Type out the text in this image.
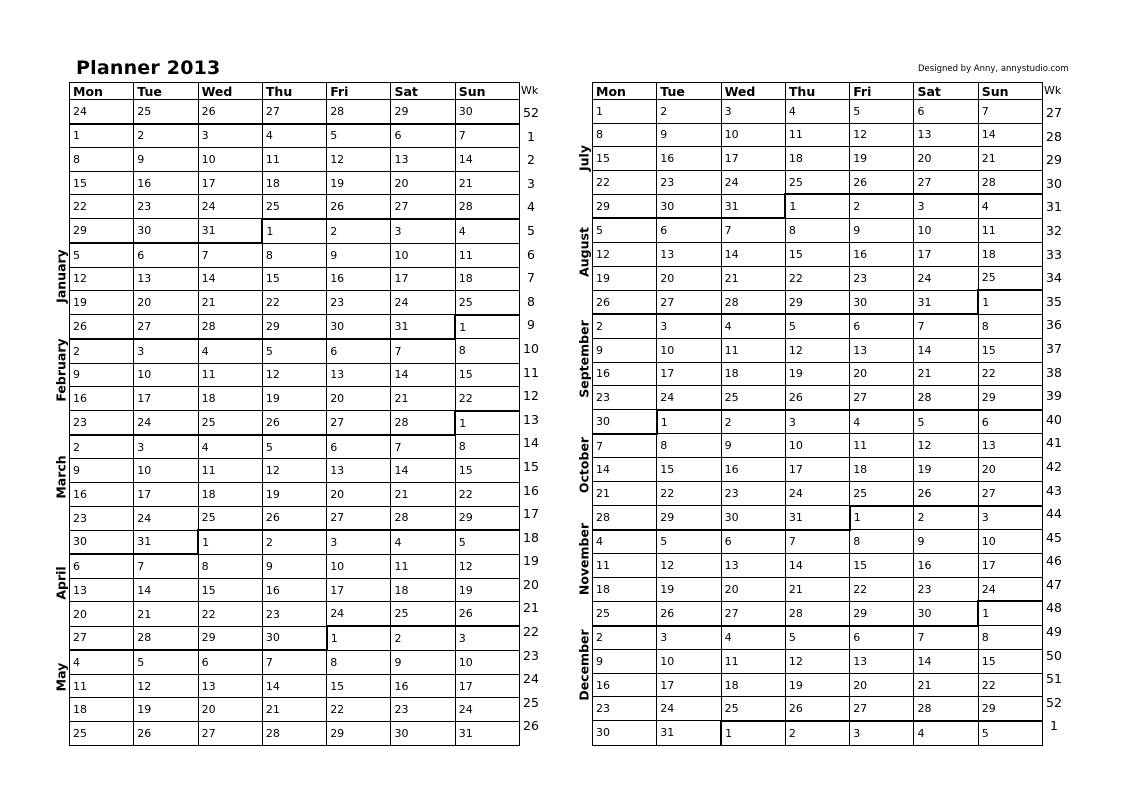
Planner 2013	Designed by Anny, annystudio.com
Mon	Tue	Wed	Thu	Fri	Sat	Sun
24	25	26	27	28	29	30
1	2	3	4	5	6	7
8	9	10	11	12	13	14
15	16	17	18	19	20	21
22	23	24	25	26	27	28
29	30	31	1	2	3	4
5	6	7	8	9	10	11
12	13	14	15	16	17	18
19	20	21	22	23	24	25
26	27	28	29	30	31	1
2	3	4	5	6	7	8
9	10	11	12	13	14	15
16	17	18	19	20	21	22
23	24	25	26	27	28	1
2	3	4	5	6	7	8
9	10	11	12	13	14	15
16	17	18	19	20	21	22
23	24	25	26	27	28	29
30	31	1	2	3	4	5
6	7	8	9	10	11	12
13	14	15	16	17	18	19
20	21	22	23	24	25	26
27	28	29	30	1	2	3
4	5	6	7	8	9	10
11	12	13	14	15	16	17
18	19	20	21	22	23	24
25	26	27	28	29	30	31
Wk
52
1
2
3
4
5
6
7
8
9
10
11
12
13
14
15
16
17
18
19
20
21
22
23
24
25
26
January
February
March
April
May
Mon	Tue	Wed	Thu	Fri	Sat	Sun
1	2	3	4	5	6	7
8	9	10	11	12	13	14
15	16	17	18	19	20	21
22	23	24	25	26	27	28
29	30	31	1	2	3	4
5	6	7	8	9	10	11
12	13	14	15	16	17	18
19	20	21	22	23	24	25
26	27	28	29	30	31	1
2	3	4	5	6	7	8
9	10	11	12	13	14	15
16	17	18	19	20	21	22
23	24	25	26	27	28	29
30	1	2	3	4	5	6
7	8	9	10	11	12	13
14	15	16	17	18	19	20
21	22	23	24	25	26	27
28	29	30	31	1	2	3
4	5	6	7	8	9	10
11	12	13	14	15	16	17
18	19	20	21	22	23	24
25	26	27	28	29	30	1
2	3	4	5	6	7	8
9	10	11	12	13	14	15
16	17	18	19	20	21	22
23	24	25	26	27	28	29
30	31	1	2	3	4	5
Wk
27
28
29
30
31
32
33
34
35
36
37
38
39
40
41
42
43
44
45
46
47
48
49
50
51
52
1
July
August
September
October
November
December
